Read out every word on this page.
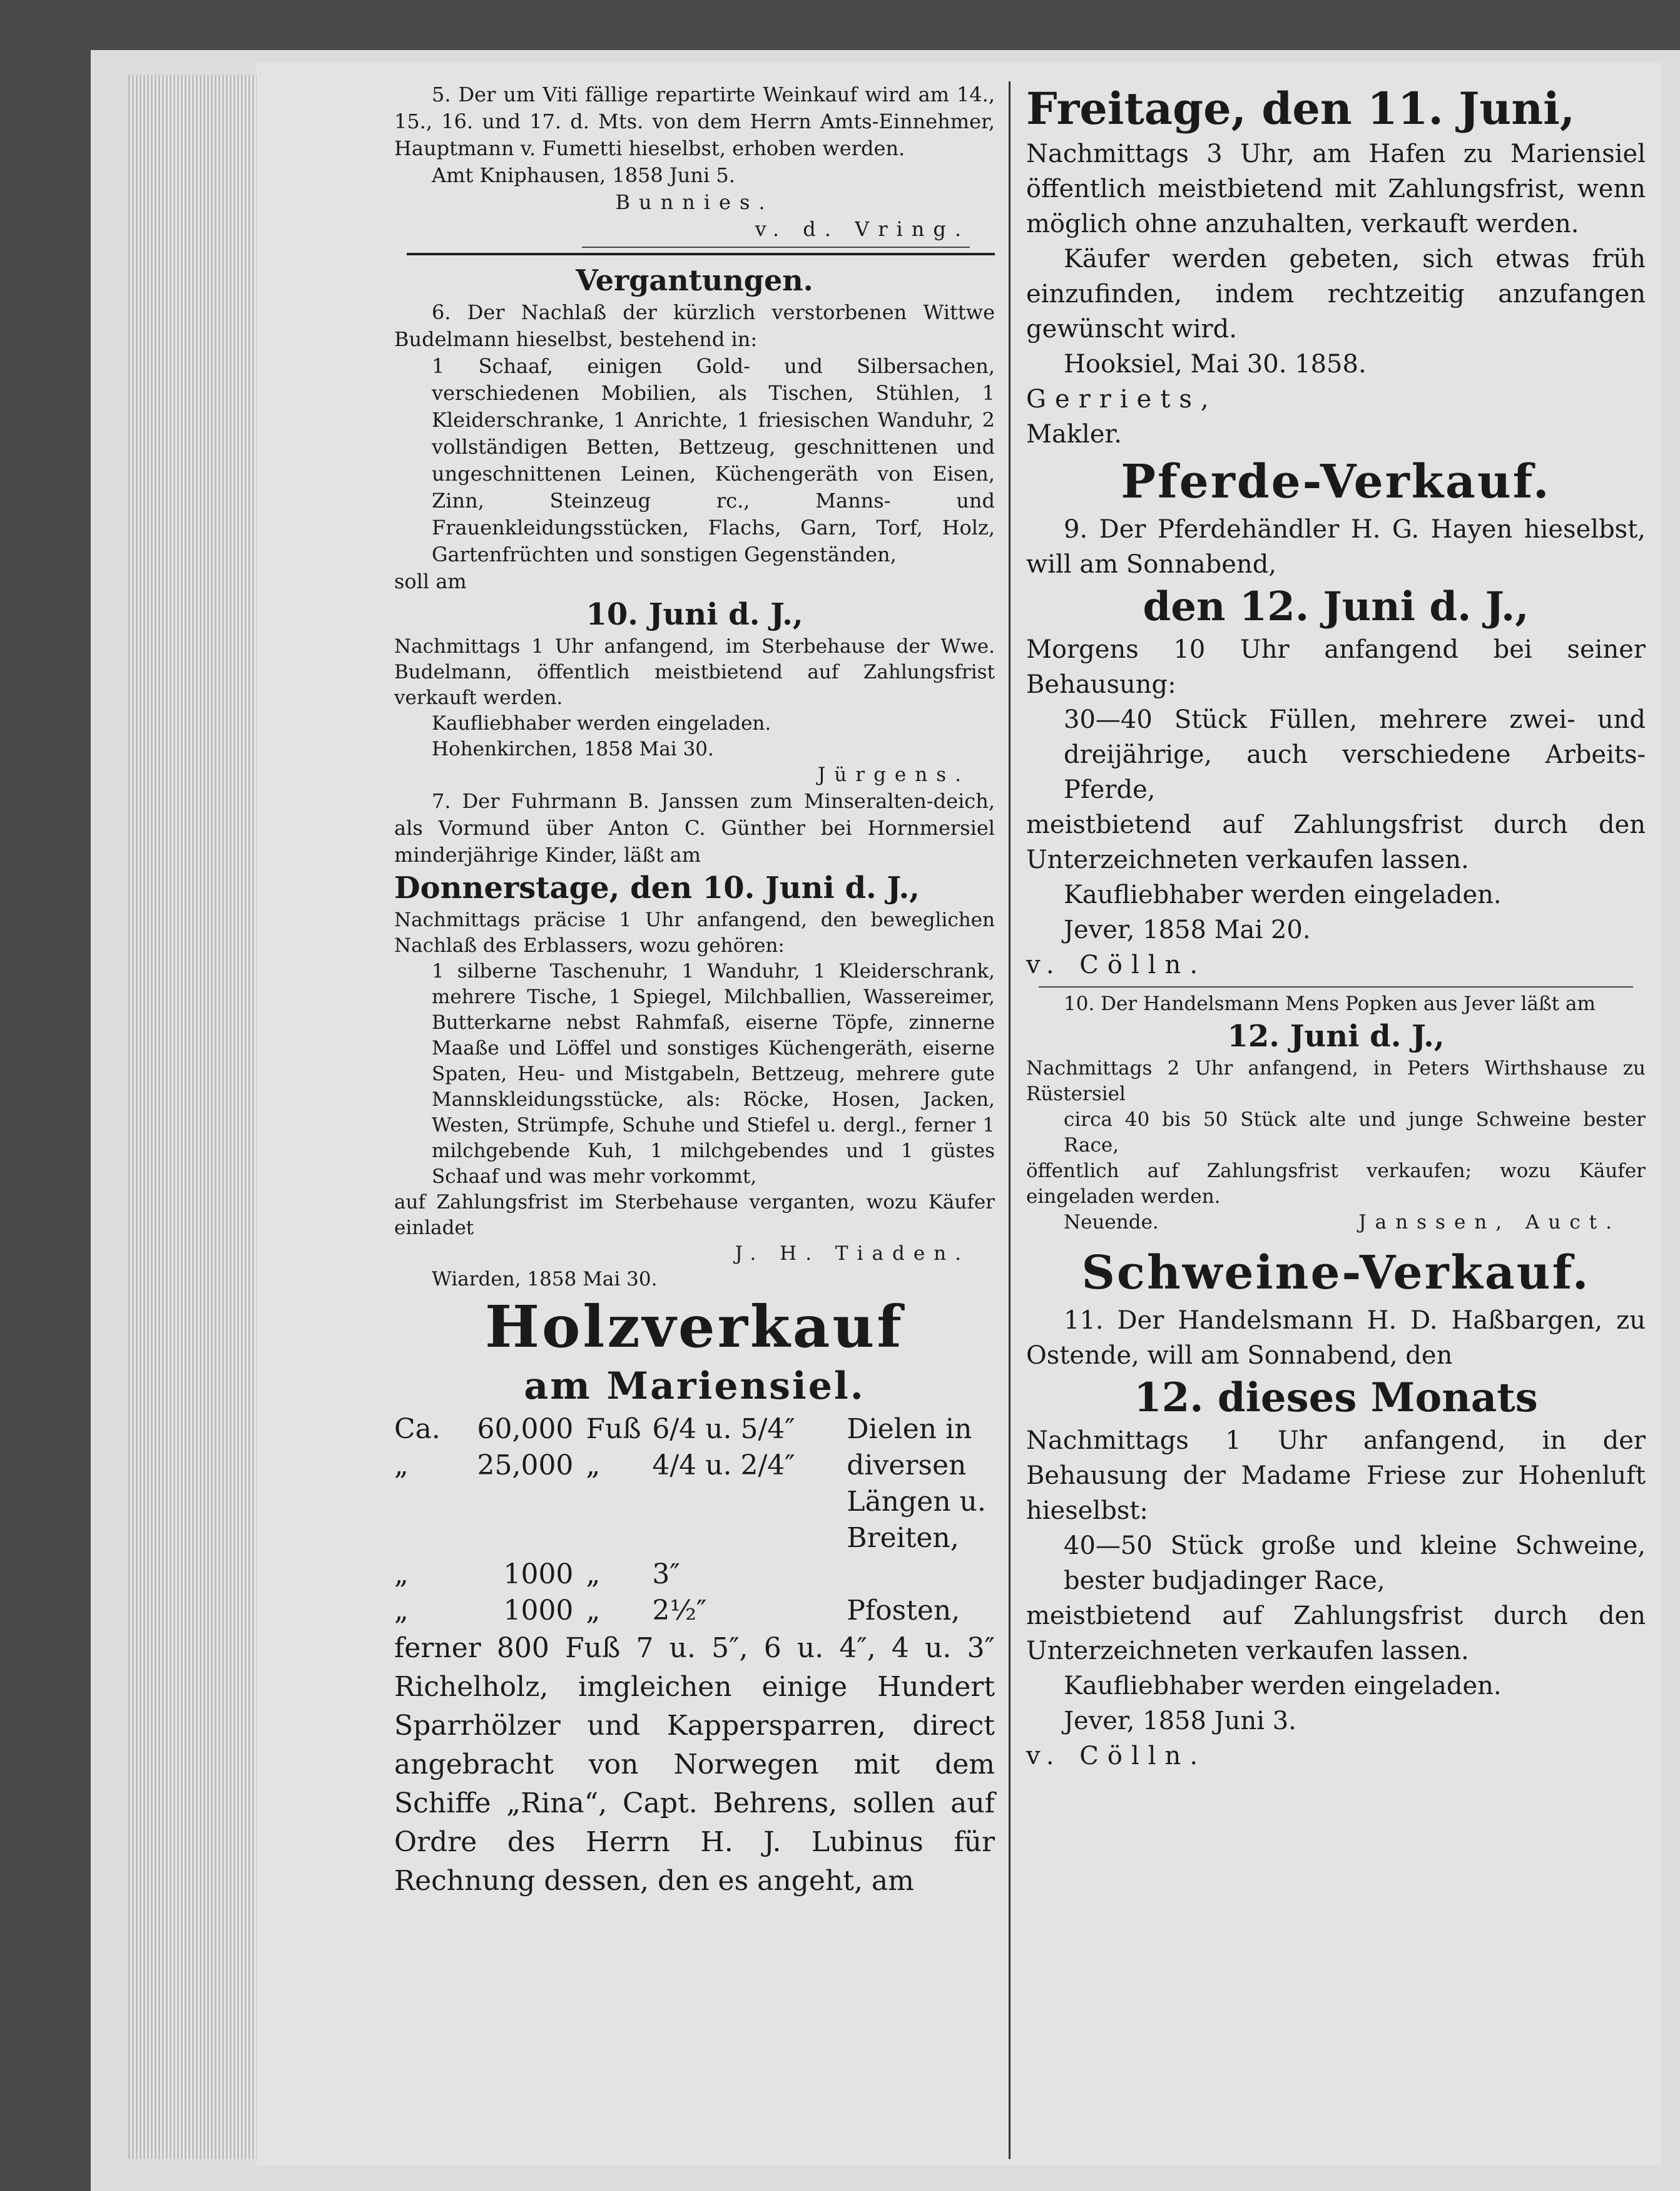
5. Der um Viti fällige repartirte Weinkauf wird am 14., 15., 16. und 17. d. Mts. von dem Herrn Amts-Einnehmer, Hauptmann v. Fumetti hieselbst, erhoben werden.

Amt Kniphausen, 1858 Juni 5.

Bunnies.

v. d. Vring.

Vergantungen.

6. Der Nachlaß der kürzlich verstorbenen Wittwe Budelmann hieselbst, bestehend in:

1 Schaaf, einigen Gold- und Silbersachen, verschiedenen Mobilien, als Tischen, Stühlen, 1 Kleiderschranke, 1 Anrichte, 1 friesischen Wanduhr, 2 vollständigen Betten, Bettzeug, geschnittenen und ungeschnittenen Leinen, Küchengeräth von Eisen, Zinn, Steinzeug rc., Manns- und Frauenkleidungsstücken, Flachs, Garn, Torf, Holz, Gartenfrüchten und sonstigen Gegenständen,

soll am

10. Juni d. J.,

Nachmittags 1 Uhr anfangend, im Sterbehause der Wwe. Budelmann, öffentlich meistbietend auf Zahlungsfrist verkauft werden.

Kaufliebhaber werden eingeladen.

Hohenkirchen, 1858 Mai 30.

Jürgens.

7. Der Fuhrmann B. Janssen zum Minseralten-deich, als Vormund über Anton C. Günther bei Hornmersiel minderjährige Kinder, läßt am

Donnerstage, den 10. Juni d. J.,

Nachmittags präcise 1 Uhr anfangend, den beweglichen Nachlaß des Erblassers, wozu gehören:

1 silberne Taschenuhr, 1 Wanduhr, 1 Kleiderschrank, mehrere Tische, 1 Spiegel, Milchballien, Wassereimer, Butterkarne nebst Rahmfaß, eiserne Töpfe, zinnerne Maaße und Löffel und sonstiges Küchengeräth, eiserne Spaten, Heu- und Mistgabeln, Bettzeug, mehrere gute Mannskleidungsstücke, als: Röcke, Hosen, Jacken, Westen, Strümpfe, Schuhe und Stiefel u. dergl., ferner 1 milchgebende Kuh, 1 milchgebendes und 1 güstes Schaaf und was mehr vorkommt,

auf Zahlungsfrist im Sterbehause verganten, wozu Käufer einladet

J. H. Tiaden.

Wiarden, 1858 Mai 30.

Holzverkauf

am Mariensiel.

Ca.	60,000	Fuß	6/4 u. 5/4″	Dielen in
„	25,000	„	4/4 u. 2/4″	diversen
				Längen u.
				Breiten,
„	1000	„	3″	
„	1000	„	2½″	Pfosten,

ferner 800 Fuß 7 u. 5″, 6 u. 4″, 4 u. 3″ Richelholz, imgleichen einige Hundert Sparrhölzer und Kappersparren, direct angebracht von Norwegen mit dem Schiffe „Rina“, Capt. Behrens, sollen auf Ordre des Herrn H. J. Lubinus für Rechnung dessen, den es angeht, am

Freitage, den 11. Juni,

Nachmittags 3 Uhr, am Hafen zu Mariensiel öffentlich meistbietend mit Zahlungsfrist, wenn möglich ohne anzuhalten, verkauft werden.

Käufer werden gebeten, sich etwas früh einzufinden, indem rechtzeitig anzufangen gewünscht wird.

Hooksiel, Mai 30. 1858.

Gerriets,

Makler.

Pferde-Verkauf.

9. Der Pferdehändler H. G. Hayen hieselbst, will am Sonnabend,

den 12. Juni d. J.,

Morgens 10 Uhr anfangend bei seiner Behausung:

30—40 Stück Füllen, mehrere zwei- und dreijährige, auch verschiedene Arbeits-Pferde,

meistbietend auf Zahlungsfrist durch den Unterzeichneten verkaufen lassen.

Kaufliebhaber werden eingeladen.

Jever, 1858 Mai 20.

v. Cölln.

10. Der Handelsmann Mens Popken aus Jever läßt am

12. Juni d. J.,

Nachmittags 2 Uhr anfangend, in Peters Wirthshause zu Rüstersiel

circa 40 bis 50 Stück alte und junge Schweine bester Race,

öffentlich auf Zahlungsfrist verkaufen; wozu Käufer eingeladen werden.

Neuende.	Janssen, Auct.

Schweine-Verkauf.

11. Der Handelsmann H. D. Haßbargen, zu Ostende, will am Sonnabend, den

12. dieses Monats

Nachmittags 1 Uhr anfangend, in der Behausung der Madame Friese zur Hohenluft hieselbst:

40—50 Stück große und kleine Schweine, bester budjadinger Race,

meistbietend auf Zahlungsfrist durch den Unterzeichneten verkaufen lassen.

Kaufliebhaber werden eingeladen.

Jever, 1858 Juni 3.

v. Cölln.
